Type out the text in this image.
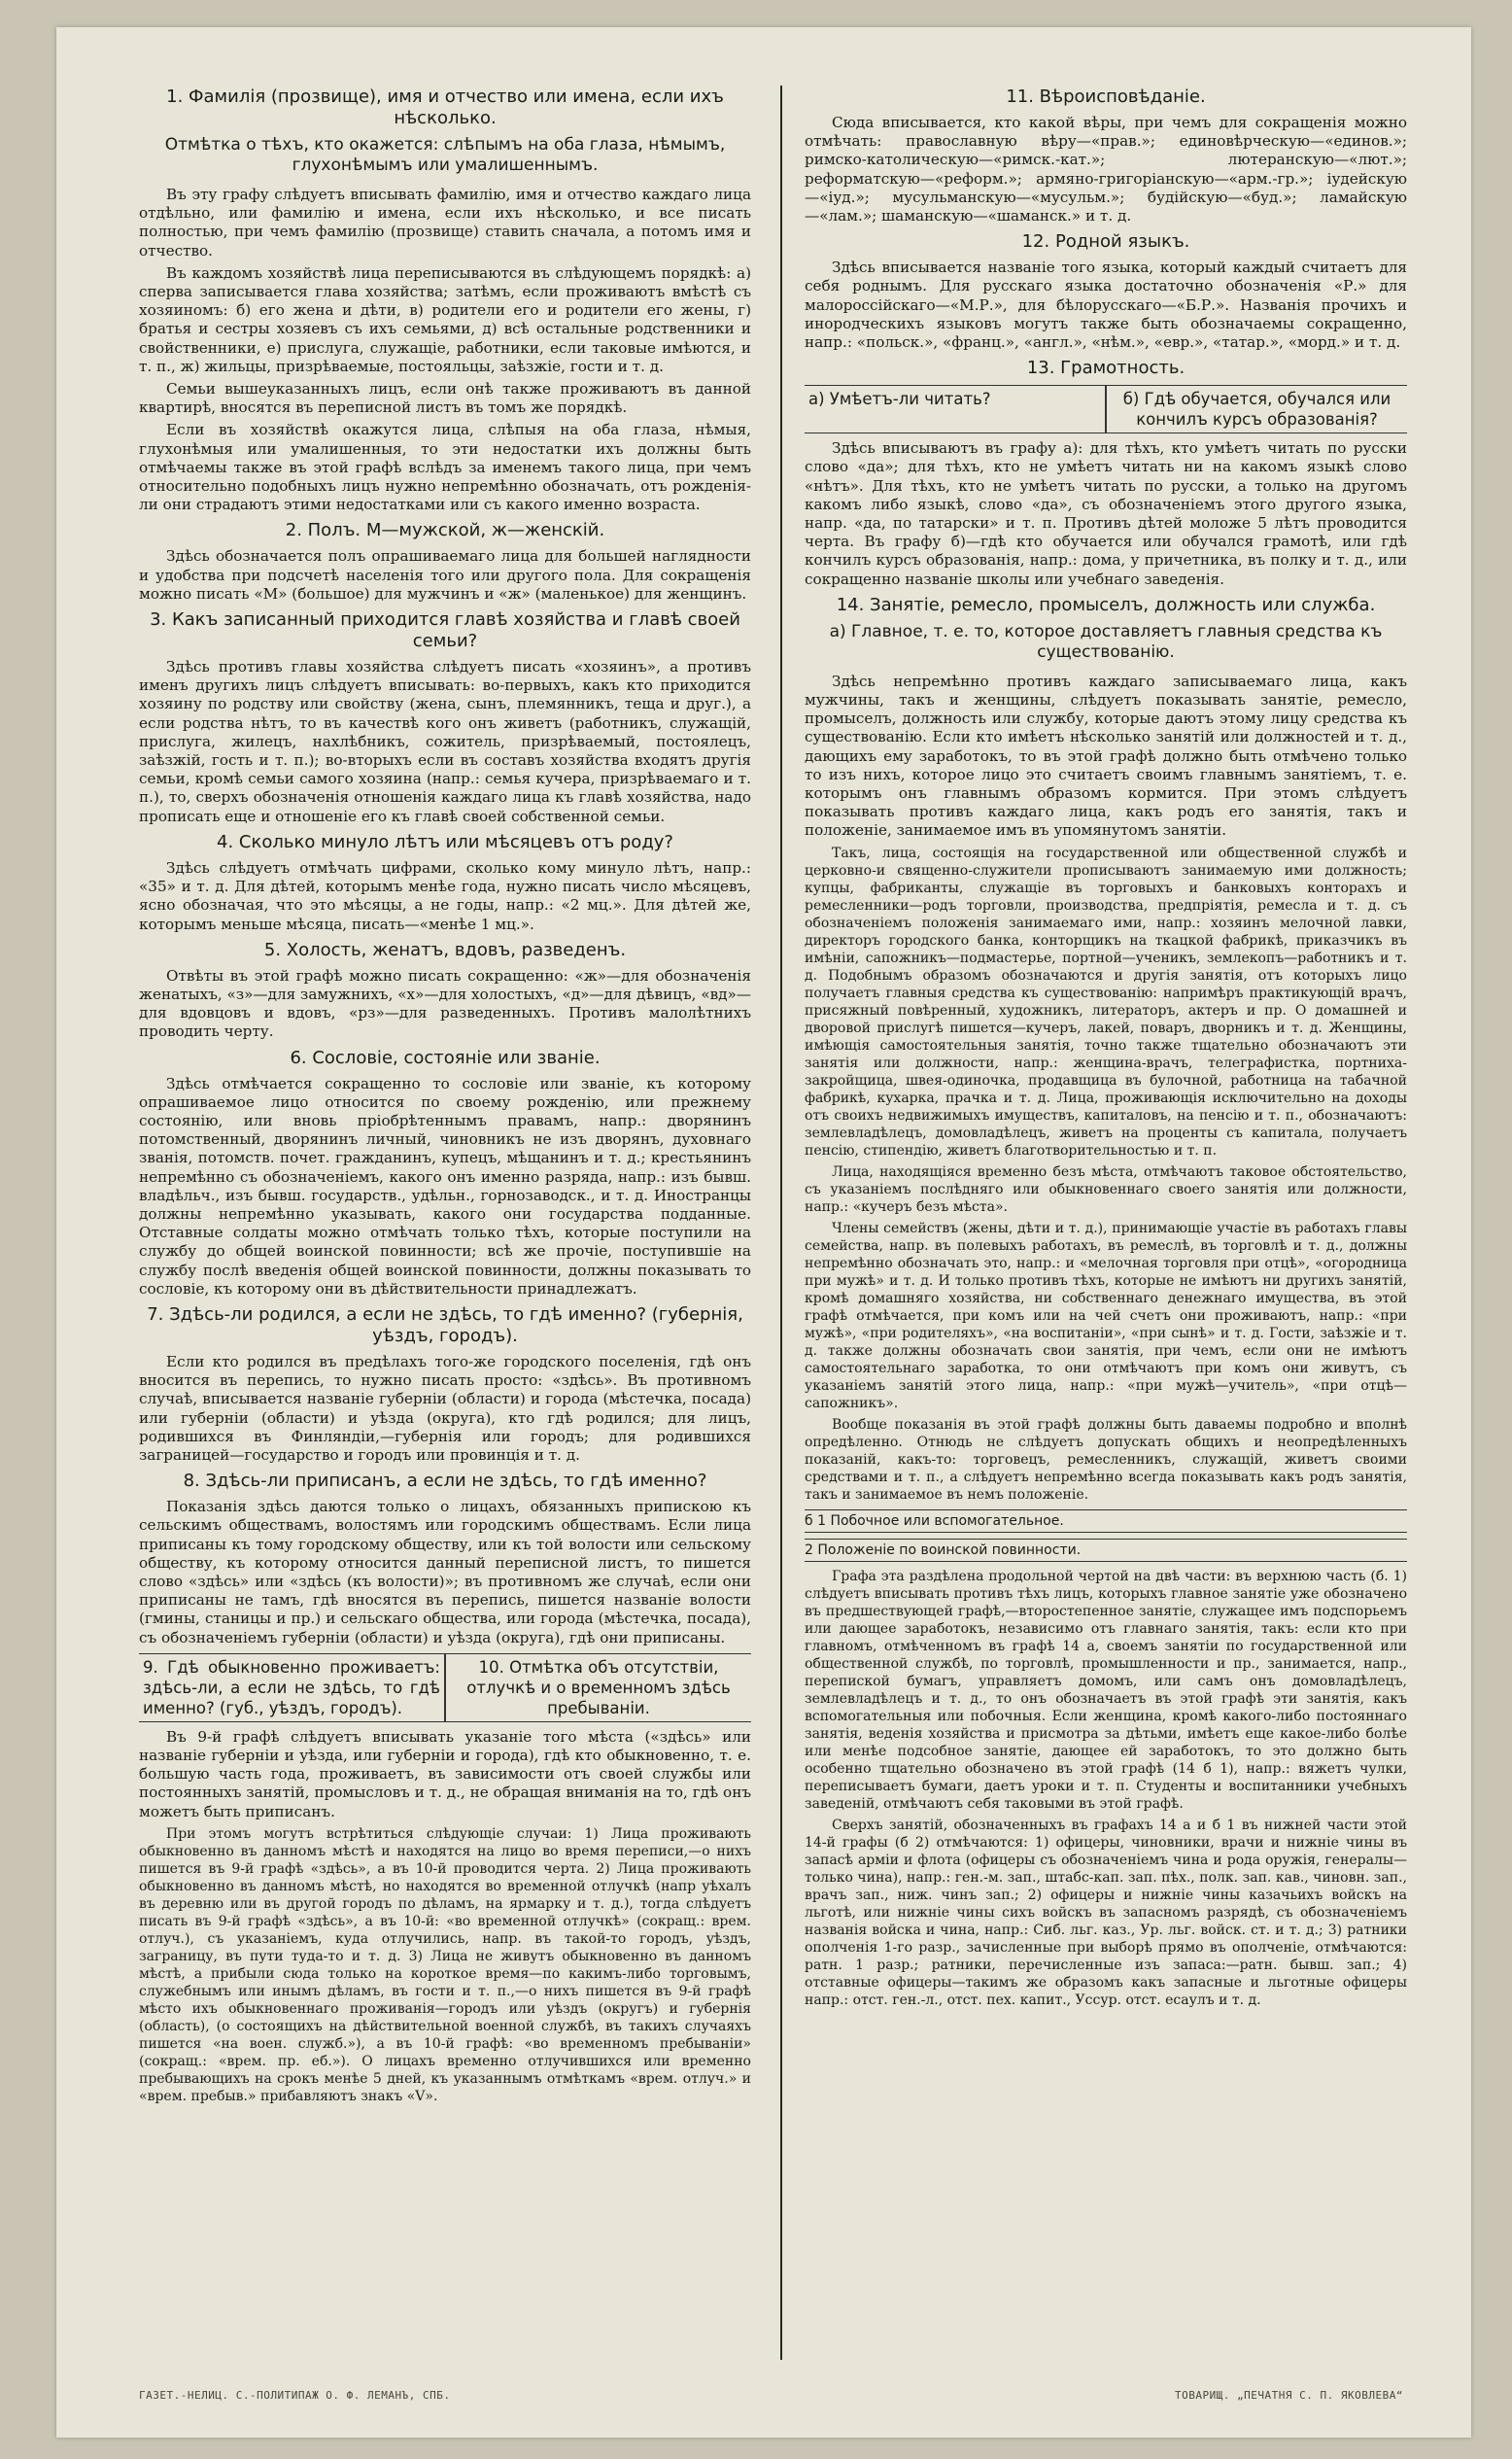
1. Фамилія (прозвище), имя и отчество или имена, если ихъ нѣсколько.
Отмѣтка о тѣхъ, кто окажется: слѣпымъ на оба глаза, нѣмымъ, глухонѣмымъ или умалишеннымъ.

Въ эту графу слѣдуетъ вписывать фамилію, имя и отчество каждаго лица отдѣльно, или фамилію и имена, если ихъ нѣсколько, и все писать полностью, при чемъ фамилію (прозвище) ставить сначала, а потомъ имя и отчество.

Въ каждомъ хозяйствѣ лица переписываются въ слѣдующемъ порядкѣ: а) сперва записывается глава хозяйства; затѣмъ, если проживаютъ вмѣстѣ съ хозяиномъ: б) его жена и дѣти, в) родители его и родители его жены, г) братья и сестры хозяевъ съ ихъ семьями, д) всѣ остальные родственники и свойственники, е) прислуга, служащіе, работники, если таковые имѣются, и т. п., ж) жильцы, призрѣваемые, постояльцы, заѣзжіе, гости и т. д.

Семьи вышеуказанныхъ лицъ, если онѣ также проживаютъ въ данной квартирѣ, вносятся въ переписной листъ въ томъ же порядкѣ.

Если въ хозяйствѣ окажутся лица, слѣпыя на оба глаза, нѣмыя, глухонѣмыя или умалишенныя, то эти недостатки ихъ должны быть отмѣчаемы также въ этой графѣ вслѣдъ за именемъ такого лица, при чемъ относительно подобныхъ лицъ нужно непремѣнно обозначать, отъ рожденія-ли они страдаютъ этими недостатками или съ какого именно возраста.

2. Полъ. М—мужской, ж—женскій.

Здѣсь обозначается полъ опрашиваемаго лица для большей наглядности и удобства при подсчетѣ населенія того или другого пола. Для сокращенія можно писать «М» (большое) для мужчинъ и «ж» (маленькое) для женщинъ.

3. Какъ записанный приходится главѣ хозяйства и главѣ своей семьи?

Здѣсь противъ главы хозяйства слѣдуетъ писать «хозяинъ», а противъ именъ другихъ лицъ слѣдуетъ вписывать: во-первыхъ, какъ кто приходится хозяину по родству или свойству (жена, сынъ, племянникъ, теща и друг.), а если родства нѣтъ, то въ качествѣ кого онъ живетъ (работникъ, служащій, прислуга, жилецъ, нахлѣбникъ, сожитель, призрѣваемый, постоялецъ, заѣзжій, гость и т. п.); во-вторыхъ если въ составъ хозяйства входятъ другія семьи, кромѣ семьи самого хозяина (напр.: семья кучера, призрѣваемаго и т. п.), то, сверхъ обозначенія отношенія каждаго лица къ главѣ хозяйства, надо прописать еще и отношеніе его къ главѣ своей собственной семьи.

4. Сколько минуло лѣтъ или мѣсяцевъ отъ роду?

Здѣсь слѣдуетъ отмѣчать цифрами, сколько кому минуло лѣтъ, напр.: «35» и т. д. Для дѣтей, которымъ менѣе года, нужно писать число мѣсяцевъ, ясно обозначая, что это мѣсяцы, а не годы, напр.: «2 мц.». Для дѣтей же, которымъ меньше мѣсяца, писать—«менѣе 1 мц.».

5. Холость, женатъ, вдовъ, разведенъ.

Отвѣты въ этой графѣ можно писать сокращенно: «ж»—для обозначенія женатыхъ, «з»—для замужнихъ, «х»—для холостыхъ, «д»—для дѣвицъ, «вд»—для вдовцовъ и вдовъ, «рз»—для разведенныхъ. Противъ малолѣтнихъ проводить черту.

6. Сословіе, состояніе или званіе.

Здѣсь отмѣчается сокращенно то сословіе или званіе, къ которому опрашиваемое лицо относится по своему рожденію, или прежнему состоянію, или вновь пріобрѣтеннымъ правамъ, напр.: дворянинъ потомственный, дворянинъ личный, чиновникъ не изъ дворянъ, духовнаго званія, потомств. почет. гражданинъ, купецъ, мѣщанинъ и т. д.; крестьянинъ непремѣнно съ обозначеніемъ, какого онъ именно разряда, напр.: изъ бывш. владѣльч., изъ бывш. государств., удѣльн., горнозаводск., и т. д. Иностранцы должны непремѣнно указывать, какого они государства подданные. Отставные солдаты можно отмѣчать только тѣхъ, которые поступили на службу до общей воинской повинности; всѣ же прочіе, поступившіе на службу послѣ введенія общей воинской повинности, должны показывать то сословіе, къ которому они въ дѣйствительности принадлежатъ.

7. Здѣсь-ли родился, а если не здѣсь, то гдѣ именно? (губернія, уѣздъ, городъ).

Если кто родился въ предѣлахъ того-же городского поселенія, гдѣ онъ вносится въ перепись, то нужно писать просто: «здѣсь». Въ противномъ случаѣ, вписывается названіе губерніи (области) и города (мѣстечка, посада) или губерніи (области) и уѣзда (округа), кто гдѣ родился; для лицъ, родившихся въ Финляндіи,—губернія или городъ; для родившихся заграницей—государство и городъ или провинція и т. д.

8. Здѣсь-ли приписанъ, а если не здѣсь, то гдѣ именно?

Показанія здѣсь даются только о лицахъ, обязанныхъ припискою къ сельскимъ обществамъ, волостямъ или городскимъ обществамъ. Если лица приписаны къ тому городскому обществу, или къ той волости или сельскому обществу, къ которому относится данный переписной листъ, то пишется слово «здѣсь» или «здѣсь (къ волости)»; въ противномъ же случаѣ, если они приписаны не тамъ, гдѣ вносятся въ перепись, пишется названіе волости (гмины, станицы и пр.) и сельскаго общества, или города (мѣстечка, посада), съ обозначеніемъ губерніи (области) и уѣзда (округа), гдѣ они приписаны.

9. Гдѣ обыкновенно проживаетъ: здѣсь-ли, а если не здѣсь, то гдѣ именно? (губ., уѣздъ, городъ).
10. Отмѣтка объ отсутствіи, отлучкѣ и о временномъ здѣсь пребываніи.

Въ 9-й графѣ слѣдуетъ вписывать указаніе того мѣста («здѣсь» или названіе губерніи и уѣзда, или губерніи и города), гдѣ кто обыкновенно, т. е. большую часть года, проживаетъ, въ зависимости отъ своей службы или постоянныхъ занятій, промысловъ и т. д., не обращая вниманія на то, гдѣ онъ можетъ быть приписанъ.

При этомъ могутъ встрѣтиться слѣдующіе случаи: 1) Лица проживають обыкновенно въ данномъ мѣстѣ и находятся на лицо во время переписи,—о нихъ пишется въ 9-й графѣ «здѣсь», а въ 10-й проводится черта. 2) Лица проживають обыкновенно въ данномъ мѣстѣ, но находятся во временной отлучкѣ (напр уѣхалъ въ деревню или въ другой городъ по дѣламъ, на ярмарку и т. д.), тогда слѣдуетъ писать въ 9-й графѣ «здѣсь», а въ 10-й: «во временной отлучкѣ» (сокращ.: врем. отлуч.), съ указаніемъ, куда отлучились, напр. въ такой-то городъ, уѣздъ, заграницу, въ пути туда-то и т. д. 3) Лица не живутъ обыкновенно въ данномъ мѣстѣ, а прибыли сюда только на короткое время—по какимъ-либо торговымъ, служебнымъ или инымъ дѣламъ, въ гости и т. п.,—о нихъ пишется въ 9-й графѣ мѣсто ихъ обыкновеннаго проживанія—городъ или уѣздъ (округъ) и губернія (область), (о состоящихъ на дѣйствительной военной службѣ, въ такихъ случаяхъ пишется «на воен. служб.»), а въ 10-й графѣ: «во временномъ пребываніи» (сокращ.: «врем. пр. еб.»). О лицахъ временно отлучившихся или временно пребывающихъ на срокъ менѣе 5 дней, къ указаннымъ отмѣткамъ «врем. отлуч.» и «врем. пребыв.» прибавляютъ знакъ «V».

11. Вѣроисповѣданіе.

Сюда вписывается, кто какой вѣры, при чемъ для сокращенія можно отмѣчать: православную вѣру—«прав.»; единовѣрческую—«единов.»; римско-католическую—«римск.-кат.»; лютеранскую—«лют.»; реформатскую—«реформ.»; армяно-григоріанскую—«арм.-гр.»; іудейскую—«іуд.»; мусульманскую—«мусульм.»; будійскую—«буд.»; ламайскую—«лам.»; шаманскую—«шаманск.» и т. д.

12. Родной языкъ.

Здѣсь вписывается названіе того языка, который каждый считаетъ для себя роднымъ. Для русскаго языка достаточно обозначенія «Р.» для малороссійскаго—«М.Р.», для бѣлорусскаго—«Б.Р.». Названія прочихъ и инородческихъ языковъ могутъ также быть обозначаемы сокращенно, напр.: «польск.», «франц.», «англ.», «нѣм.», «евр.», «татар.», «морд.» и т. д.

13. Грамотность.
а) Умѣетъ-ли читать?	б) Гдѣ обучается, обучался или кончилъ курсъ образованія?

Здѣсь вписываютъ въ графу а): для тѣхъ, кто умѣетъ читать по русски слово «да»; для тѣхъ, кто не умѣетъ читать ни на какомъ языкѣ слово «нѣтъ». Для тѣхъ, кто не умѣетъ читать по русски, а только на другомъ какомъ либо языкѣ, слово «да», съ обозначеніемъ этого другого языка, напр. «да, по татарски» и т. п. Противъ дѣтей моложе 5 лѣтъ проводится черта. Въ графу б)—гдѣ кто обучается или обучался грамотѣ, или гдѣ кончилъ курсъ образованія, напр.: дома, у причетника, въ полку и т. д., или сокращенно названіе школы или учебнаго заведенія.

14. Занятіе, ремесло, промыселъ, должность или служба.
а) Главное, т. е. то, которое доставляетъ главныя средства къ существованію.

Здѣсь непремѣнно противъ каждаго записываемаго лица, какъ мужчины, такъ и женщины, слѣдуетъ показывать занятіе, ремесло, промыселъ, должность или службу, которые даютъ этому лицу средства къ существованію. Если кто имѣетъ нѣсколько занятій или должностей и т. д., дающихъ ему заработокъ, то въ этой графѣ должно быть отмѣчено только то изъ нихъ, которое лицо это считаетъ своимъ главнымъ занятіемъ, т. е. которымъ онъ главнымъ образомъ кормится. При этомъ слѣдуетъ показывать противъ каждаго лица, какъ родъ его занятія, такъ и положеніе, занимаемое имъ въ упомянутомъ занятіи.

Такъ, лица, состоящія на государственной или общественной службѣ и церковно-и священно-служители прописываютъ занимаемую ими должность; купцы, фабриканты, служащіе въ торговыхъ и банковыхъ конторахъ и ремесленники—родъ торговли, производства, предпріятія, ремесла и т. д. съ обозначеніемъ положенія занимаемаго ими, напр.: хозяинъ мелочной лавки, директоръ городского банка, конторщикъ на ткацкой фабрикѣ, приказчикъ въ имѣніи, сапожникъ—подмастерье, портной—ученикъ, землекопъ—работникъ и т. д. Подобнымъ образомъ обозначаются и другія занятія, отъ которыхъ лицо получаетъ главныя средства къ существованію: напримѣръ практикующій врачъ, присяжный повѣренный, художникъ, литераторъ, актеръ и пр. О домашней и дворовой прислугѣ пишется—кучеръ, лакей, поваръ, дворникъ и т. д. Женщины, имѣющія самостоятельныя занятія, точно также тщательно обозначаютъ эти занятія или должности, напр.: женщина-врачъ, телеграфистка, портниха-закройщица, швея-одиночка, продавщица въ булочной, работница на табачной фабрикѣ, кухарка, прачка и т. д. Лица, проживающія исключительно на доходы отъ своихъ недвижимыхъ имуществъ, капиталовъ, на пенсію и т. п., обозначаютъ: землевладѣлецъ, домовладѣлецъ, живетъ на проценты съ капитала, получаетъ пенсію, стипендію, живетъ благотворительностью и т. п.

Лица, находящіяся временно безъ мѣста, отмѣчаютъ таковое обстоятельство, съ указаніемъ послѣдняго или обыкновеннаго своего занятія или должности, напр.: «кучеръ безъ мѣста».

Члены семействъ (жены, дѣти и т. д.), принимающіе участіе въ работахъ главы семейства, напр. въ полевыхъ работахъ, въ ремеслѣ, въ торговлѣ и т. д., должны непремѣнно обозначать это, напр.: и «мелочная торговля при отцѣ», «огородница при мужѣ» и т. д. И только противъ тѣхъ, которые не имѣютъ ни другихъ занятій, кромѣ домашняго хозяйства, ни собственнаго денежнаго имущества, въ этой графѣ отмѣчается, при комъ или на чей счетъ они проживаютъ, напр.: «при мужѣ», «при родителяхъ», «на воспитаніи», «при сынѣ» и т. д. Гости, заѣзжіе и т. д. также должны обозначать свои занятія, при чемъ, если они не имѣютъ самостоятельнаго заработка, то они отмѣчаютъ при комъ они живутъ, съ указаніемъ занятій этого лица, напр.: «при мужѣ—учитель», «при отцѣ—сапожникъ».

Вообще показанія въ этой графѣ должны быть даваемы подробно и вполнѣ опредѣленно. Отнюдь не слѣдуетъ допускать общихъ и неопредѣленныхъ показаній, какъ-то: торговецъ, ремесленникъ, служащій, живетъ своими средствами и т. п., а слѣдуетъ непремѣнно всегда показывать какъ родъ занятія, такъ и занимаемое въ немъ положеніе.

б 1 Побочное или вспомогательное.
2 Положеніе по воинской повинности.

Графа эта раздѣлена продольной чертой на двѣ части: въ верхнюю часть (б. 1) слѣдуетъ вписывать противъ тѣхъ лицъ, которыхъ главное занятіе уже обозначено въ предшествующей графѣ,—второстепенное занятіе, служащее имъ подспорьемъ или дающее заработокъ, независимо отъ главнаго занятія, такъ: если кто при главномъ, отмѣченномъ въ графѣ 14 а, своемъ занятіи по государственной или общественной службѣ, по торговлѣ, промышленности и пр., занимается, напр., перепиской бумагъ, управляетъ домомъ, или самъ онъ домовладѣлецъ, землевладѣлецъ и т. д., то онъ обозначаетъ въ этой графѣ эти занятія, какъ вспомогательныя или побочныя. Если женщина, кромѣ какого-либо постояннаго занятія, веденія хозяйства и присмотра за дѣтьми, имѣетъ еще какое-либо болѣе или менѣе подсобное занятіе, дающее ей заработокъ, то это должно быть особенно тщательно обозначено въ этой графѣ (14 б 1), напр.: вяжетъ чулки, переписываетъ бумаги, даетъ уроки и т. п. Студенты и воспитанники учебныхъ заведеній, отмѣчаютъ себя таковыми въ этой графѣ.

Сверхъ занятій, обозначенныхъ въ графахъ 14 а и б 1 въ нижней части этой 14-й графы (б 2) отмѣчаются: 1) офицеры, чиновники, врачи и нижніе чины въ запасѣ арміи и флота (офицеры съ обозначеніемъ чина и рода оружія, генералы—только чина), напр.: ген.-м. зап., штабс-кап. зап. пѣх., полк. зап. кав., чиновн. зап., врачъ зап., ниж. чинъ зап.; 2) офицеры и нижніе чины казачьихъ войскъ на льготѣ, или нижніе чины сихъ войскъ въ запасномъ разрядѣ, съ обозначеніемъ названія войска и чина, напр.: Сиб. льг. каз., Ур. льг. войск. ст. и т. д.; 3) ратники ополченія 1-го разр., зачисленные при выборѣ прямо въ ополченіе, отмѣчаются: ратн. 1 разр.; ратники, перечисленные изъ запаса:—ратн. бывш. зап.; 4) отставные офицеры—такимъ же образомъ какъ запасные и льготные офицеры напр.: отст. ген.-л., отст. пех. капит., Уссур. отст. есаулъ и т. д.

ГАЗЕТ.-НЕЛИЦ. С.-ПОЛИТИПАЖ О. Ф. ЛЕМАНЪ, СПБ.	ТОВАРИЩ. „ПЕЧАТНЯ С. П. ЯКОВЛЕВА“
